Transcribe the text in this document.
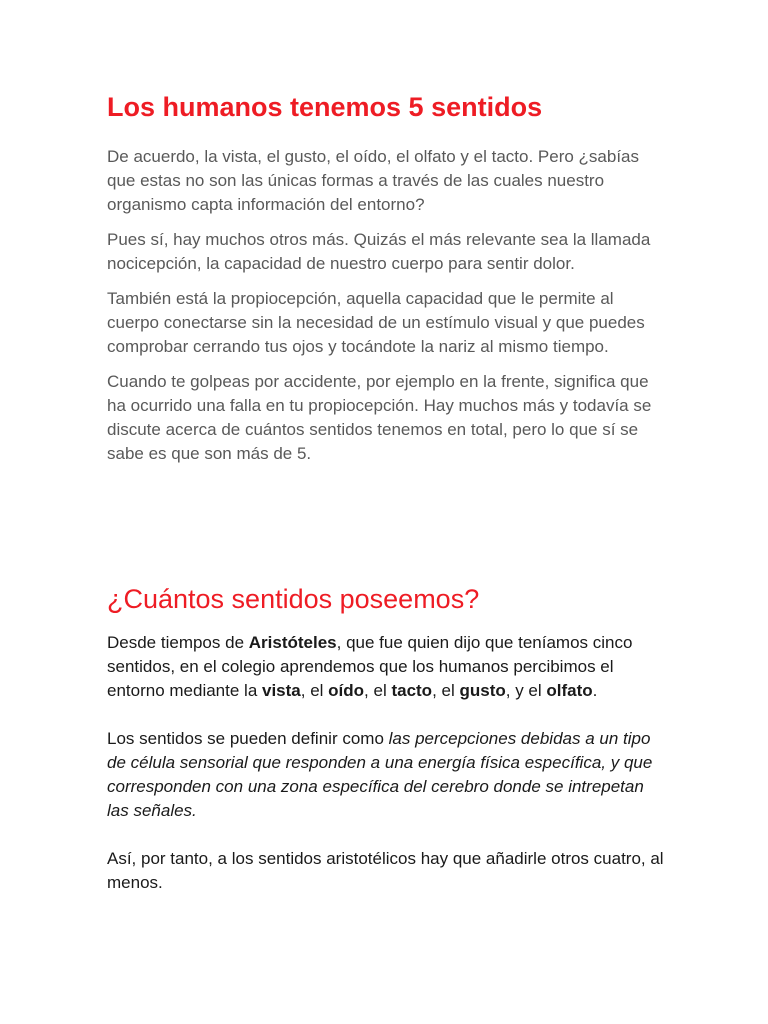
Los humanos tenemos 5 sentidos

De acuerdo, la vista, el gusto, el oído, el olfato y el tacto. Pero ¿sabías que estas no son las únicas formas a través de las cuales nuestro organismo capta información del entorno?

Pues sí, hay muchos otros más. Quizás el más relevante sea la llamada nocicepción, la capacidad de nuestro cuerpo para sentir dolor.

También está la propiocepción, aquella capacidad que le permite al cuerpo conectarse sin la necesidad de un estímulo visual y que puedes comprobar cerrando tus ojos y tocándote la nariz al mismo tiempo.

Cuando te golpeas por accidente, por ejemplo en la frente, significa que ha ocurrido una falla en tu propiocepción. Hay muchos más y todavía se discute acerca de cuántos sentidos tenemos en total, pero lo que sí se sabe es que son más de 5.

¿Cuántos sentidos poseemos?

Desde tiempos de Aristóteles, que fue quien dijo que teníamos cinco sentidos, en el colegio aprendemos que los humanos percibimos el entorno mediante la vista, el oído, el tacto, el gusto, y el olfato.

Los sentidos se pueden definir como las percepciones debidas a un tipo de célula sensorial que responden a una energía física específica, y que corresponden con una zona específica del cerebro donde se intrepetan las señales.

Así, por tanto, a los sentidos aristotélicos hay que añadirle otros cuatro, al menos.
